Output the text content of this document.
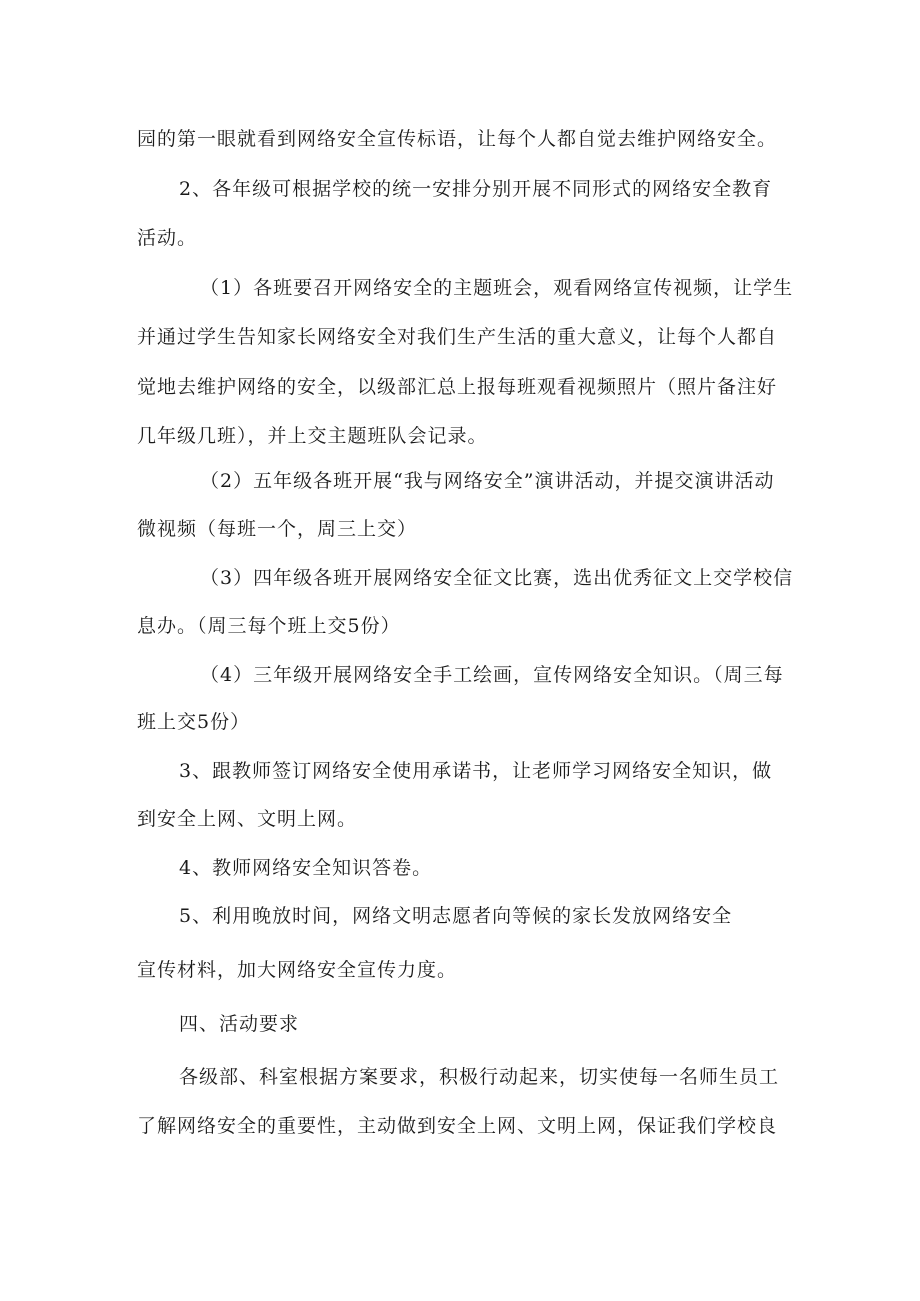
园的第一眼就看到网络安全宣传标语，让每个人都自觉去维护网络安全。
2、各年级可根据学校的统一安排分别开展不同形式的网络安全教育
活动。
（1）各班要召开网络安全的主题班会，观看网络宣传视频，让学生
并通过学生告知家长网络安全对我们生产生活的重大意义，让每个人都自
觉地去维护网络的安全，以级部汇总上报每班观看视频照片（照片备注好
几年级几班），并上交主题班队会记录。
（2）五年级各班开展“我与网络安全”演讲活动，并提交演讲活动
微视频（每班一个，周三上交）
（3）四年级各班开展网络安全征文比赛，选出优秀征文上交学校信
息办。（周三每个班上交5份）
（4）三年级开展网络安全手工绘画，宣传网络安全知识。（周三每
班上交5份）
3、跟教师签订网络安全使用承诺书，让老师学习网络安全知识，做
到安全上网、文明上网。
4、教师网络安全知识答卷。
5、利用晚放时间，网络文明志愿者向等候的家长发放网络安全
宣传材料，加大网络安全宣传力度。
四、活动要求
各级部、科室根据方案要求，积极行动起来，切实使每一名师生员工
了解网络安全的重要性，主动做到安全上网、文明上网，保证我们学校良
